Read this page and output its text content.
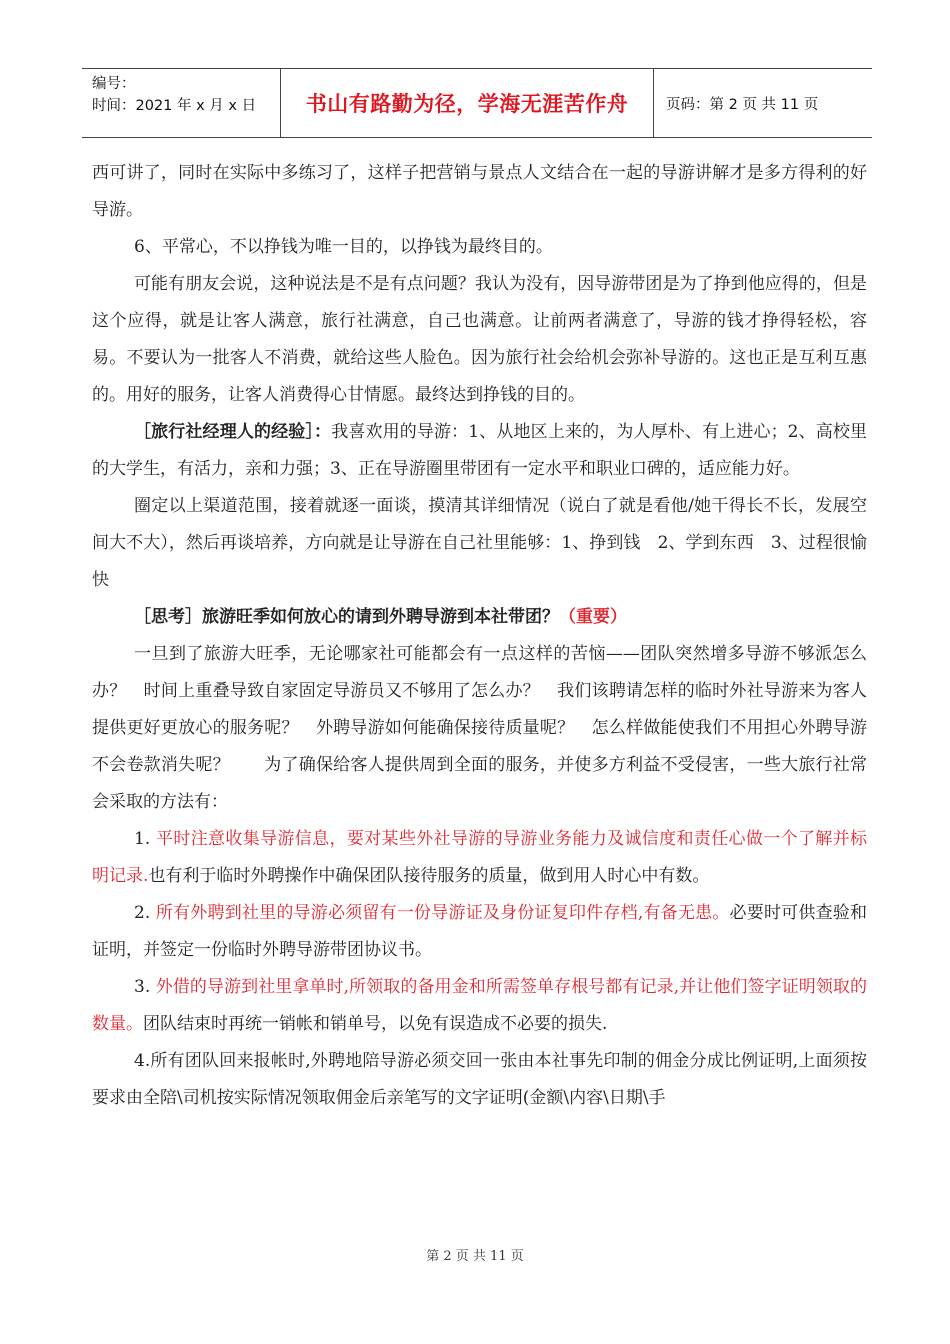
编号：
时间：2021 年 x 月 x 日	书山有路勤为径，学海无涯苦作舟	页码：第 2 页 共 11 页

西可讲了，同时在实际中多练习了，这样子把营销与景点人文结合在一起的导游讲解才是多方得利的好导游。

6、平常心，不以挣钱为唯一目的，以挣钱为最终目的。

可能有朋友会说，这种说法是不是有点问题？我认为没有，因导游带团是为了挣到他应得的，但是这个应得，就是让客人满意，旅行社满意，自己也满意。让前两者满意了，导游的钱才挣得轻松，容易。不要认为一批客人不消费，就给这些人脸色。因为旅行社会给机会弥补导游的。这也正是互利互惠的。用好的服务，让客人消费得心甘情愿。最终达到挣钱的目的。

［旅行社经理人的经验］：我喜欢用的导游：1、从地区上来的，为人厚朴、有上进心；2、高校里的大学生，有活力，亲和力强；3、正在导游圈里带团有一定水平和职业口碑的，适应能力好。

圈定以上渠道范围，接着就逐一面谈，摸清其详细情况（说白了就是看他/她干得长不长，发展空间大不大），然后再谈培养，方向就是让导游在自己社里能够：1、挣到钱　2、学到东西　3、过程很愉快

［思考］旅游旺季如何放心的请到外聘导游到本社带团？（重要）

一旦到了旅游大旺季，无论哪家社可能都会有一点这样的苦恼——团队突然增多导游不够派怎么办？　时间上重叠导致自家固定导游员又不够用了怎么办？　我们该聘请怎样的临时外社导游来为客人提供更好更放心的服务呢？　外聘导游如何能确保接待质量呢？　怎么样做能使我们不用担心外聘导游不会卷款消失呢？　　为了确保给客人提供周到全面的服务，并使多方利益不受侵害，一些大旅行社常会采取的方法有：

1. 平时注意收集导游信息，要对某些外社导游的导游业务能力及诚信度和责任心做一个了解并标明记录.也有利于临时外聘操作中确保团队接待服务的质量，做到用人时心中有数。

2. 所有外聘到社里的导游必须留有一份导游证及身份证复印件存档,有备无患。必要时可供查验和证明，并签定一份临时外聘导游带团协议书。

3. 外借的导游到社里拿单时,所领取的备用金和所需签单存根号都有记录,并让他们签字证明领取的数量。团队结束时再统一销帐和销单号，以免有误造成不必要的损失.

4.所有团队回来报帐时,外聘地陪导游必须交回一张由本社事先印制的佣金分成比例证明,上面须按要求由全陪\司机按实际情况领取佣金后亲笔写的文字证明(金额\内容\日期\手

第 2 页 共 11 页
